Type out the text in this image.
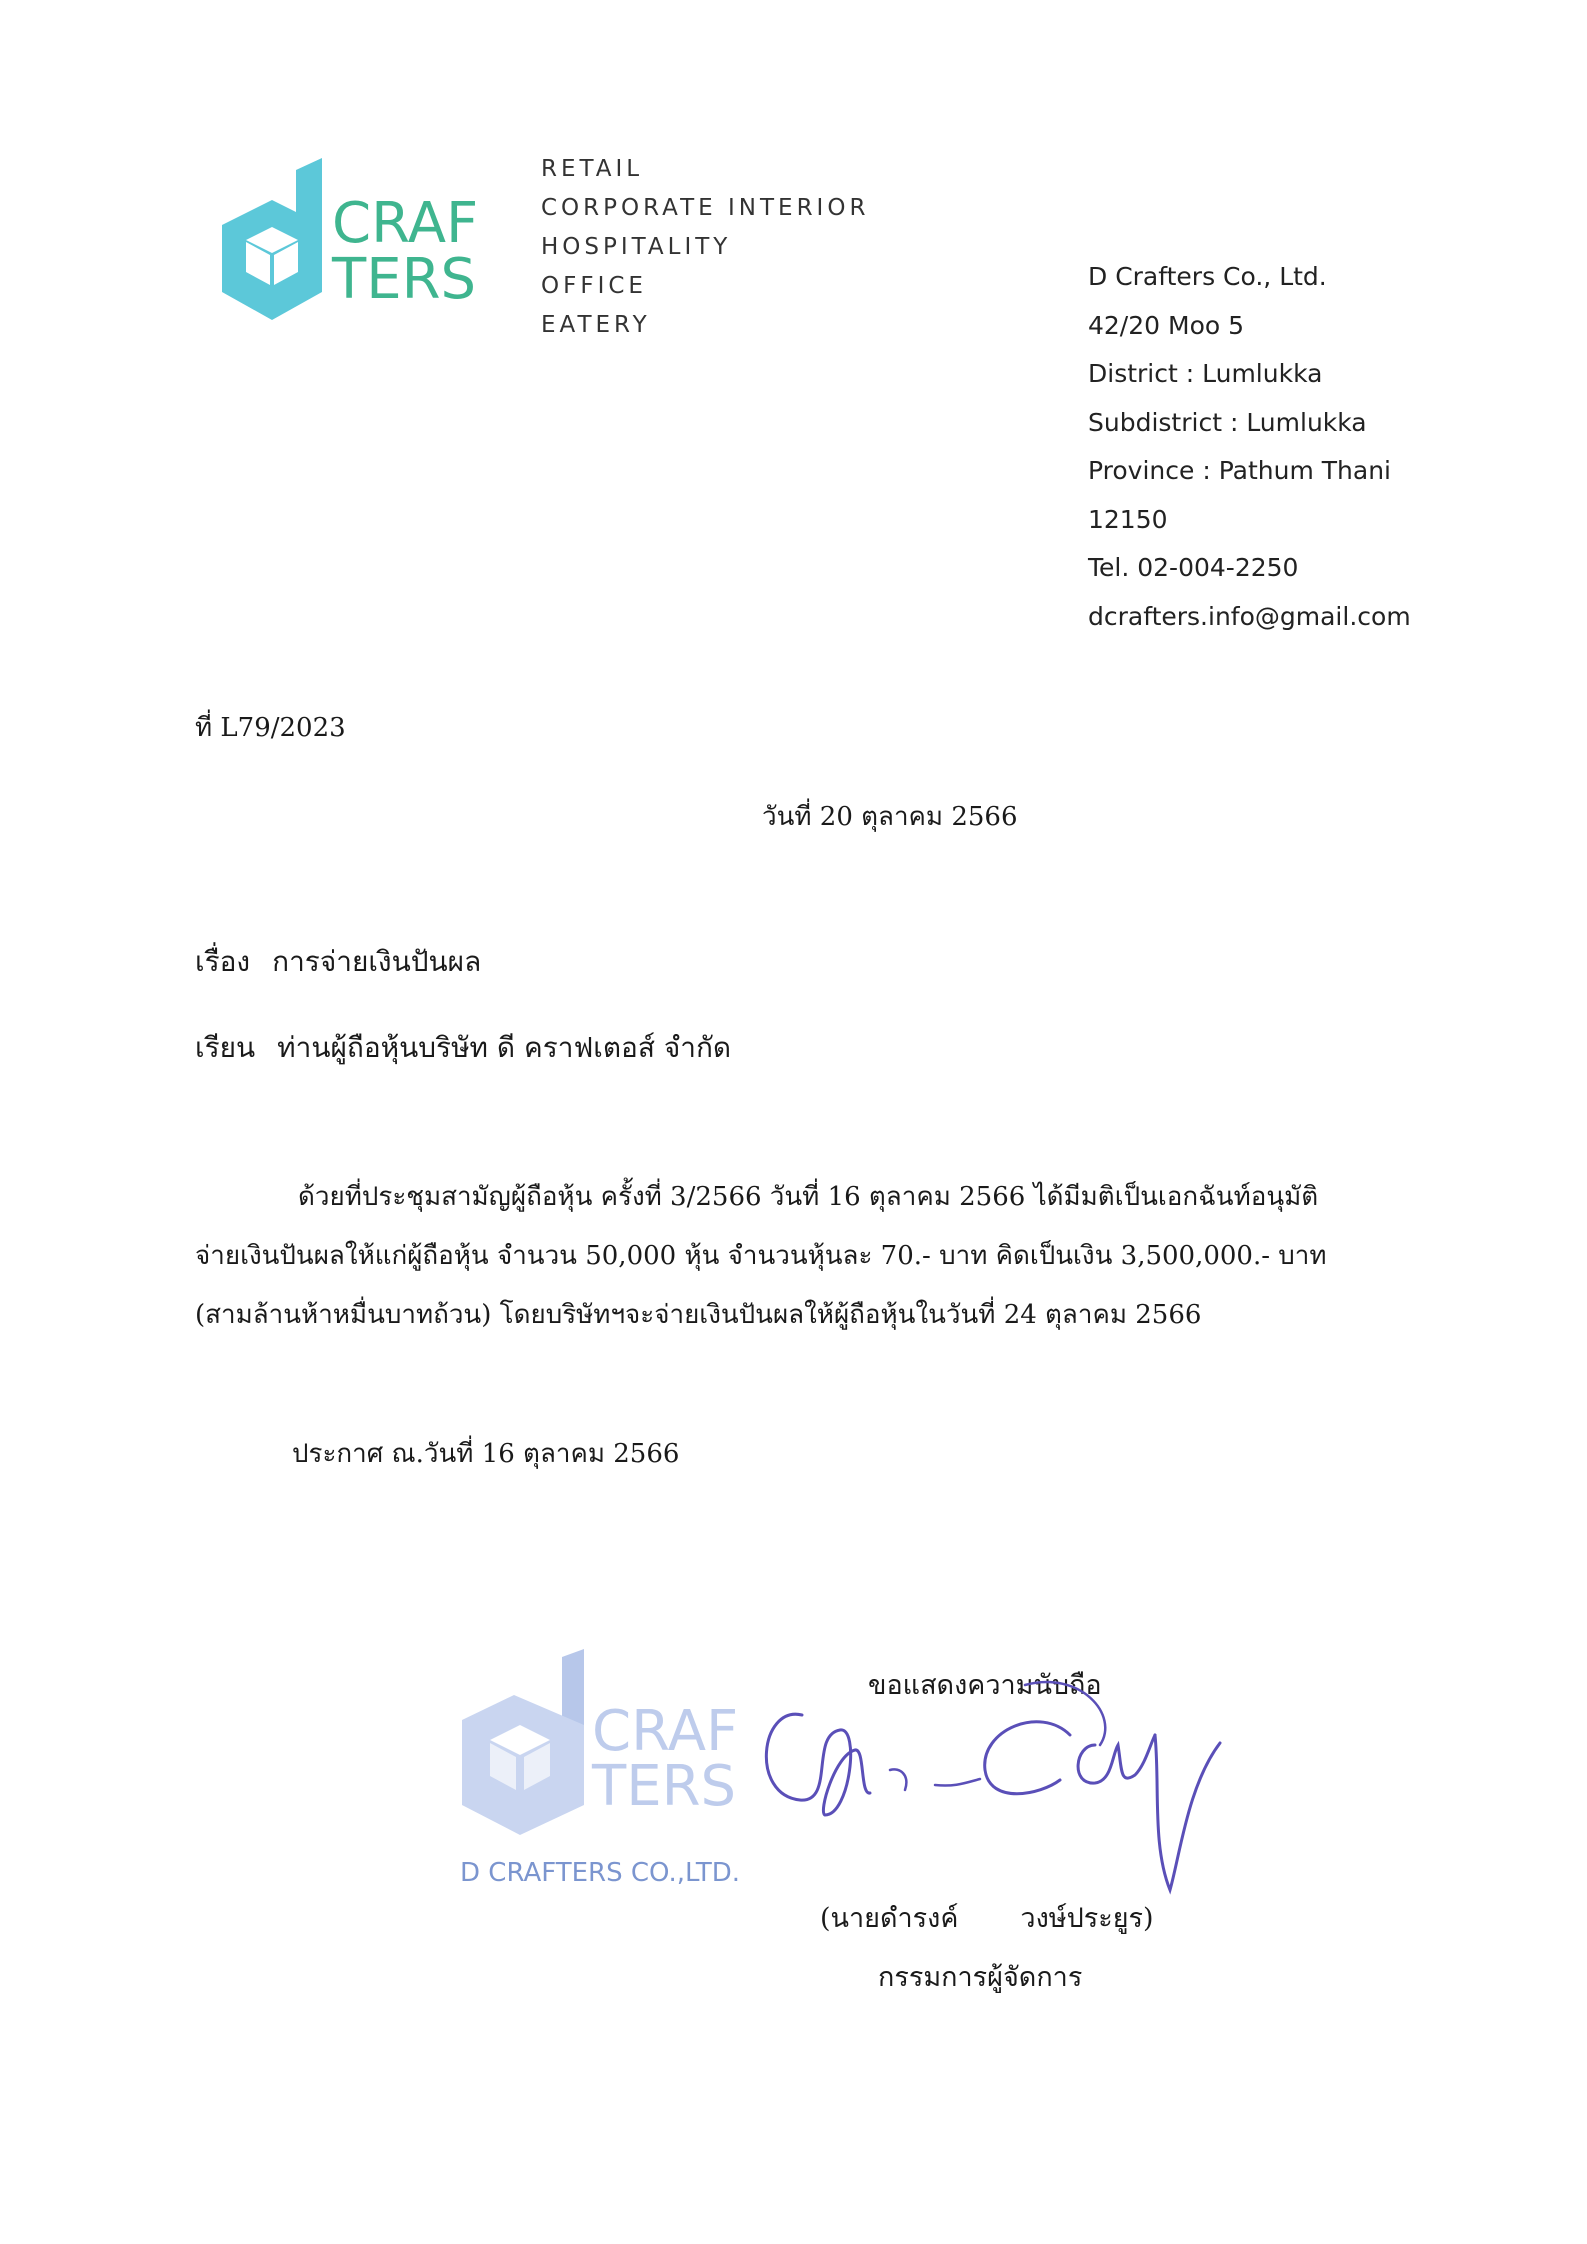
CRAF
TERS
RETAIL
CORPORATE INTERIOR
HOSPITALITY
OFFICE
EATERY
D Crafters Co., Ltd.
42/20 Moo 5
District : Lumlukka
Subdistrict : Lumlukka
Province : Pathum Thani
12150
Tel. 02-004-2250
dcrafters.info@gmail.com
ที่ L79/2023
วันที่ 20 ตุลาคม 2566
เรื่อง การจ่ายเงินปันผล
เรียน ท่านผู้ถือหุ้นบริษัท ดี คราฟเตอส์ จำกัด
ด้วยที่ประชุมสามัญผู้ถือหุ้น ครั้งที่ 3/2566 วันที่ 16 ตุลาคม 2566 ได้มีมติเป็นเอกฉันท์อนุมัติ
จ่ายเงินปันผลให้แก่ผู้ถือหุ้น จำนวน 50,000 หุ้น จำนวนหุ้นละ 70.- บาท คิดเป็นเงิน 3,500,000.- บาท
(สามล้านห้าหมื่นบาทถ้วน) โดยบริษัทฯจะจ่ายเงินปันผลให้ผู้ถือหุ้นในวันที่ 24 ตุลาคม 2566
ประกาศ ณ.วันที่ 16 ตุลาคม 2566
CRAF
TERS
D CRAFTERS CO.,LTD.
ขอแสดงความนับถือ
(นายดำรงค์ วงษ์ประยูร)
กรรมการผู้จัดการ
